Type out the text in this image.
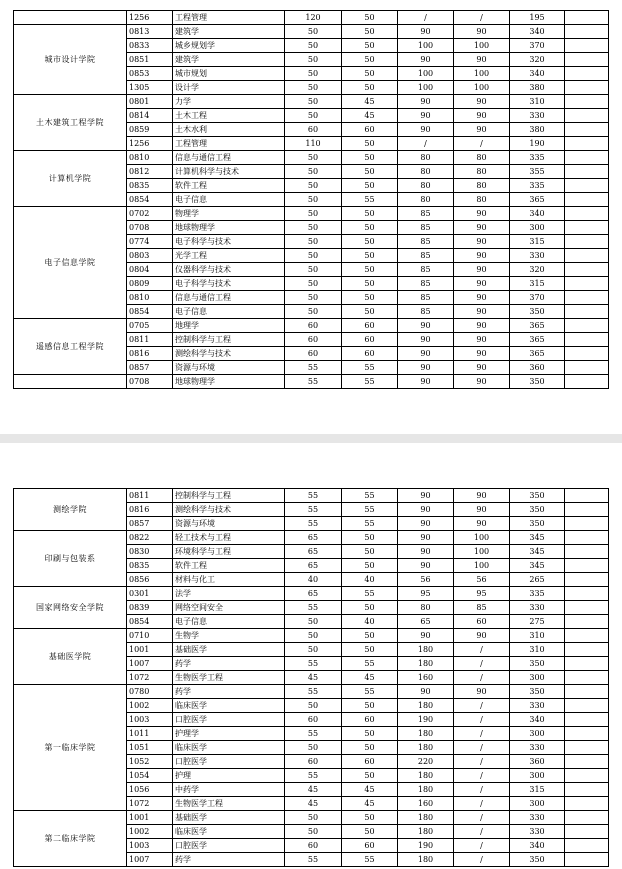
	1256	工程管理	120	50	/	/	195	
城市设计学院	0813	建筑学	50	50	90	90	340	
	0833	城乡规划学	50	50	100	100	370	
	0851	建筑学	50	50	90	90	320	
	0853	城市规划	50	50	100	100	340	
	1305	设计学	50	50	100	100	380	
土木建筑工程学院	0801	力学	50	45	90	90	310	
	0814	土木工程	50	45	90	90	330	
	0859	土木水利	60	60	90	90	380	
	1256	工程管理	110	50	/	/	190	
计算机学院	0810	信息与通信工程	50	50	80	80	335	
	0812	计算机科学与技术	50	50	80	80	355	
	0835	软件工程	50	50	80	80	335	
	0854	电子信息	50	55	80	80	365	
电子信息学院	0702	物理学	50	50	85	90	340	
	0708	地球物理学	50	50	85	90	300	
	0774	电子科学与技术	50	50	85	90	315	
	0803	光学工程	50	50	85	90	330	
	0804	仪器科学与技术	50	50	85	90	320	
	0809	电子科学与技术	50	50	85	90	315	
	0810	信息与通信工程	50	50	85	90	370	
	0854	电子信息	50	50	85	90	350	
遥感信息工程学院	0705	地理学	60	60	90	90	365	
	0811	控制科学与工程	60	60	90	90	365	
	0816	测绘科学与技术	60	60	90	90	365	
	0857	资源与环境	55	55	90	90	360	
	0708	地球物理学	55	55	90	90	350	
测绘学院	0811	控制科学与工程	55	55	90	90	350	
	0816	测绘科学与技术	55	55	90	90	350	
	0857	资源与环境	55	55	90	90	350	
印刷与包装系	0822	轻工技术与工程	65	50	90	100	345	
	0830	环境科学与工程	65	50	90	100	345	
	0835	软件工程	65	50	90	100	345	
	0856	材料与化工	40	40	56	56	265	
国家网络安全学院	0301	法学	65	55	95	95	335	
	0839	网络空间安全	55	50	80	85	330	
	0854	电子信息	50	40	65	60	275	
基础医学院	0710	生物学	50	50	90	90	310	
	1001	基础医学	50	50	180	/	310	
	1007	药学	55	55	180	/	350	
	1072	生物医学工程	45	45	160	/	300	
第一临床学院	0780	药学	55	55	90	90	350	
	1002	临床医学	50	50	180	/	330	
	1003	口腔医学	60	60	190	/	340	
	1011	护理学	55	50	180	/	300	
	1051	临床医学	50	50	180	/	330	
	1052	口腔医学	60	60	220	/	360	
	1054	护理	55	50	180	/	300	
	1056	中药学	45	45	180	/	315	
	1072	生物医学工程	45	45	160	/	300	
第二临床学院	1001	基础医学	50	50	180	/	330	
	1002	临床医学	50	50	180	/	330	
	1003	口腔医学	60	60	190	/	340	
	1007	药学	55	55	180	/	350	
